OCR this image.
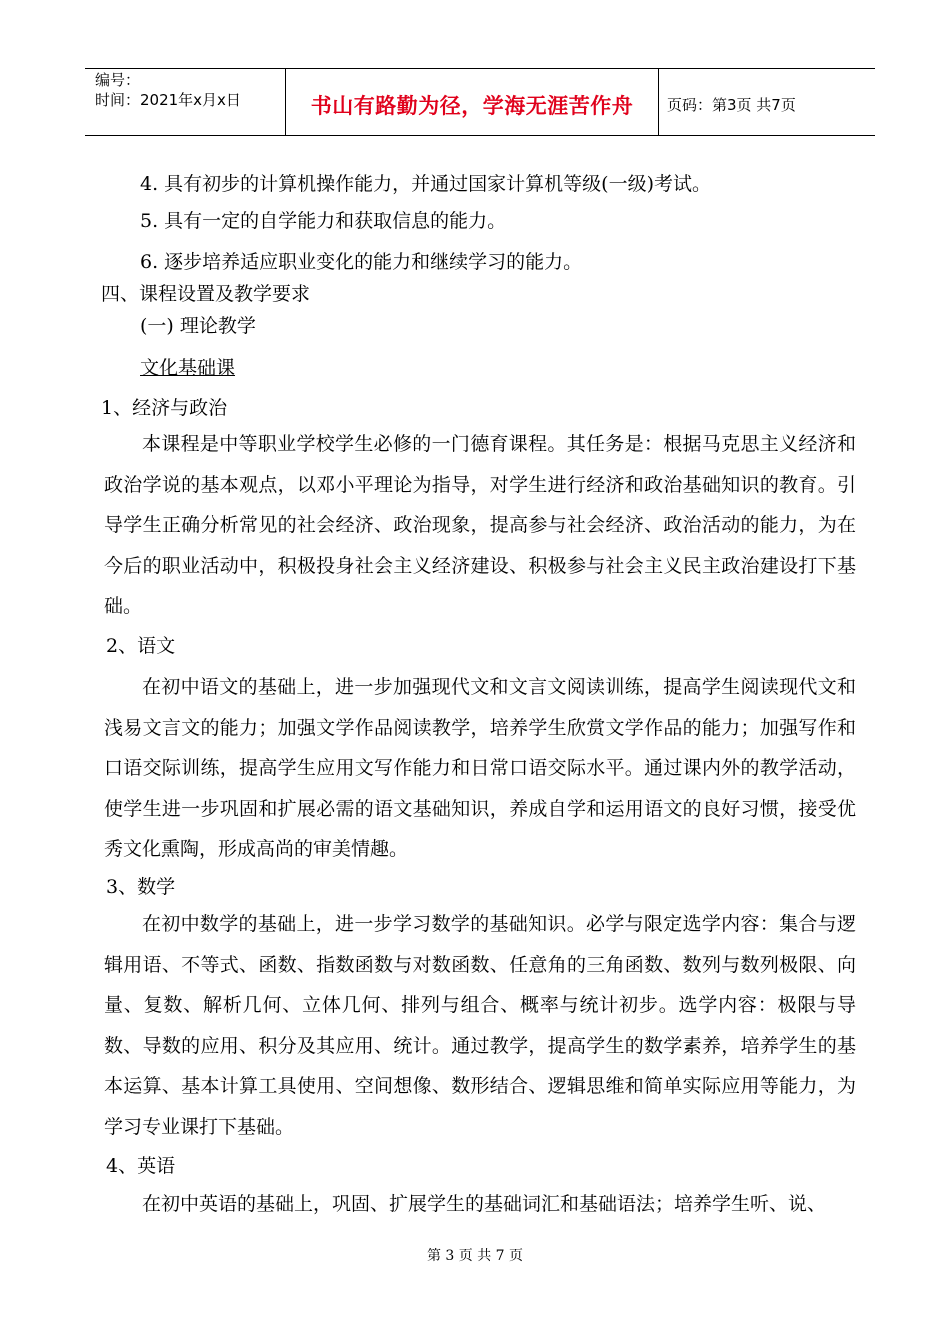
编号：
时间：2021年x月x日	书山有路勤为径，学海无涯苦作舟 页码：第3页 共7页
4. 具有初步的计算机操作能力，并通过国家计算机等级(一级)考试。
5. 具有一定的自学能力和获取信息的能力。
6. 逐步培养适应职业变化的能力和继续学习的能力。
四、课程设置及教学要求
(一) 理论教学
文化基础课
1、经济与政治
本课程是中等职业学校学生必修的一门德育课程。其任务是：根据马克思主义经济和政治学说的基本观点，以邓小平理论为指导，对学生进行经济和政治基础知识的教育。引导学生正确分析常见的社会经济、政治现象，提高参与社会经济、政治活动的能力，为在今后的职业活动中，积极投身社会主义经济建设、积极参与社会主义民主政治建设打下基础。
2、语文
在初中语文的基础上，进一步加强现代文和文言文阅读训练，提高学生阅读现代文和浅易文言文的能力；加强文学作品阅读教学，培养学生欣赏文学作品的能力；加强写作和口语交际训练，提高学生应用文写作能力和日常口语交际水平。通过课内外的教学活动，使学生进一步巩固和扩展必需的语文基础知识，养成自学和运用语文的良好习惯，接受优秀文化熏陶，形成高尚的审美情趣。
3、数学
在初中数学的基础上，进一步学习数学的基础知识。必学与限定选学内容：集合与逻辑用语、不等式、函数、指数函数与对数函数、任意角的三角函数、数列与数列极限、向量、复数、解析几何、立体几何、排列与组合、概率与统计初步。选学内容：极限与导数、导数的应用、积分及其应用、统计。通过教学，提高学生的数学素养，培养学生的基本运算、基本计算工具使用、空间想像、数形结合、逻辑思维和简单实际应用等能力，为学习专业课打下基础。
4、英语
在初中英语的基础上，巩固、扩展学生的基础词汇和基础语法；培养学生听、说、
第 3 页 共 7 页
